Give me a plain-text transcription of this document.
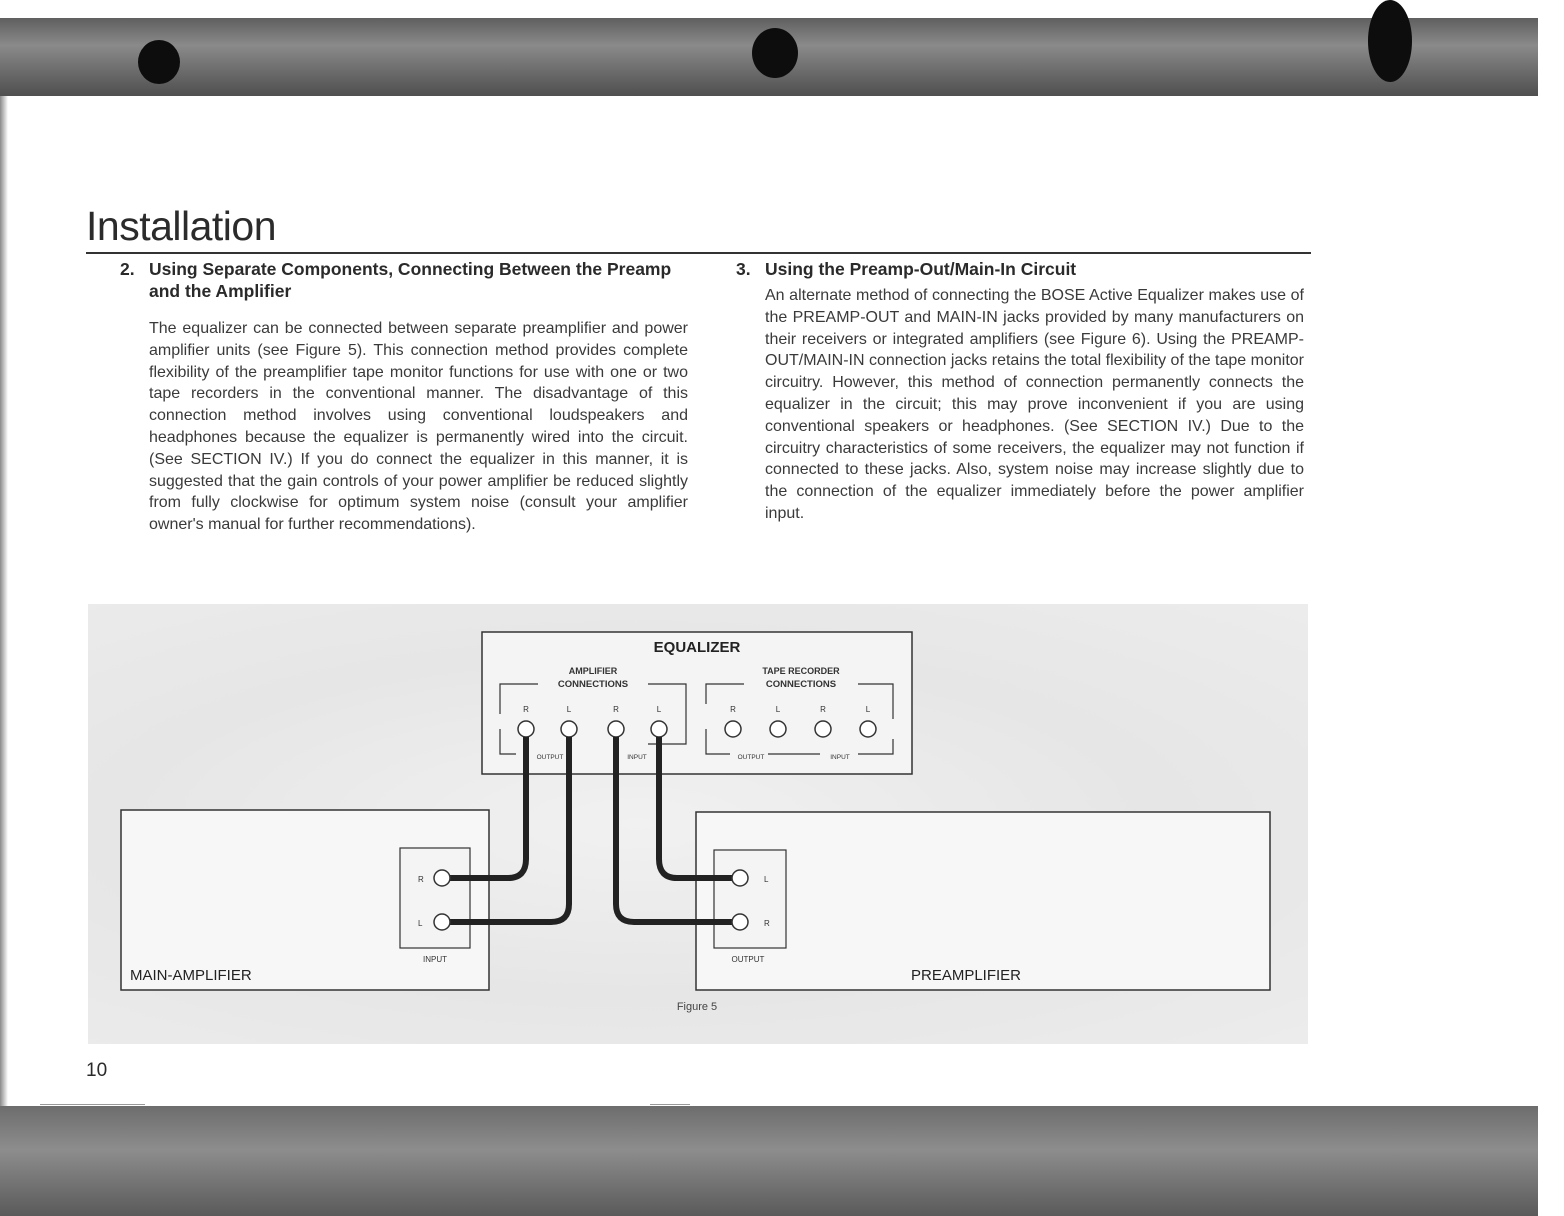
Installation
2. Using Separate Components, Connecting Between the Preamp and the Amplifier
The equalizer can be connected between separate preamplifier and power amplifier units (see Figure 5). This connection method provides complete flexibility of the preamplifier tape monitor functions for use with one or two tape recorders in the conventional manner. The disadvantage of this connection method involves using conventional loudspeakers and headphones because the equalizer is permanently wired into the circuit. (See SECTION IV.) If you do connect the equalizer in this manner, it is suggested that the gain controls of your power amplifier be reduced slightly from fully clockwise for optimum system noise (consult your amplifier owner's manual for further recommendations).
3. Using the Preamp-Out/Main-In Circuit
An alternate method of connecting the BOSE Active Equalizer makes use of the PREAMP-OUT and MAIN-IN jacks provided by many manufacturers on their receivers or integrated amplifiers (see Figure 6). Using the PREAMP-OUT/MAIN-IN connection jacks retains the total flexibility of the tape monitor circuitry. However, this method of connection permanently connects the equalizer in the circuit; this may prove inconvenient if you are using conventional speakers or headphones. (See SECTION IV.) Due to the circuitry characteristics of some receivers, the equalizer may not function if connected to these jacks. Also, system noise may increase slightly due to the connection of the equalizer immediately before the power amplifier input.
EQUALIZER
AMPLIFIER
CONNECTIONS
TAPE RECORDER
CONNECTIONS
R	L	R	L
OUTPUT	INPUT
R	L	R	L
OUTPUT	INPUT
MAIN-AMPLIFIER
R
L
INPUT
PREAMPLIFIER
L
R
OUTPUT
Figure 5
10
